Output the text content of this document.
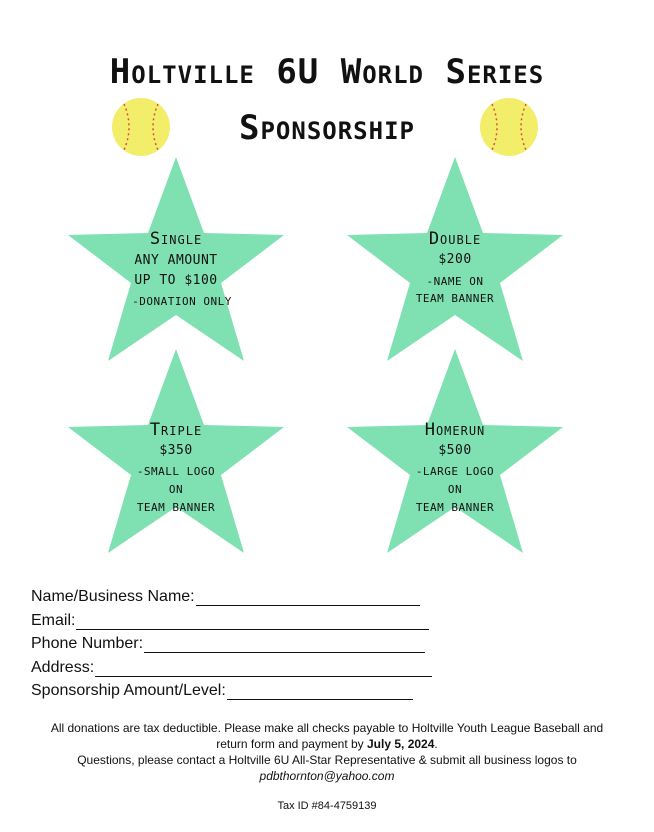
Holtville 6U World Series
Sponsorship
Single
ANY AMOUNT
UP TO $100
-DONATION ONLY
Double
$200
-NAME ON
TEAM BANNER
Triple
$350
-SMALL LOGO
ON
TEAM BANNER
Homerun
$500
-LARGE LOGO
ON
TEAM BANNER
Name/Business Name:
Email:
Phone Number:
Address:
Sponsorship Amount/Level:
All donations are tax deductible. Please make all checks payable to Holtville Youth League Baseball and
return form and payment by July 5, 2024.
Questions, please contact a Holtville 6U All-Star Representative & submit all business logos to
pdbthornton@yahoo.com
Tax ID #84-4759139
